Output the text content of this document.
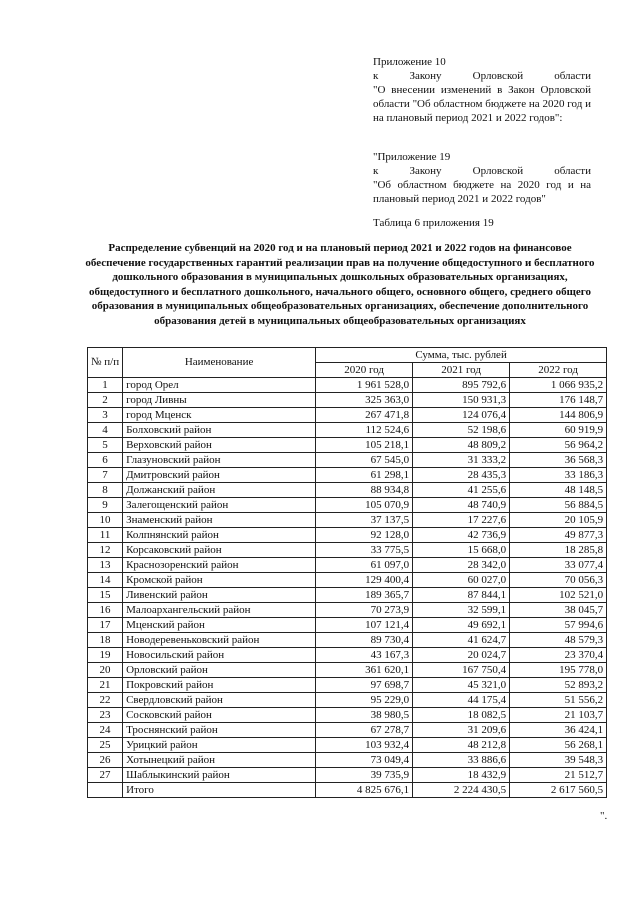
Приложение 10
к Закону Орловской области
"О внесении изменений в Закон Орловской области "Об областном бюджете на 2020 год и на плановый период 2021 и 2022 годов":
"Приложение 19
к Закону Орловской области
"Об областном бюджете на 2020 год и на плановый период 2021 и 2022 годов"
Таблица 6 приложения 19
Распределение субвенций на 2020 год и на плановый период 2021 и 2022 годов на финансовое обеспечение государственных гарантий реализации прав на получение общедоступного и бесплатного дошкольного образования в муниципальных дошкольных образовательных организациях, общедоступного и бесплатного дошкольного, начального общего, основного общего, среднего общего образования в муниципальных общеобразовательных организациях, обеспечение дополнительного образования детей в муниципальных общеобразовательных организациях
№ п/п	Наименование	Сумма, тыс. рублей		
		2020 год	2021 год	2022 год
1	город Орел	1 961 528,0	895 792,6	1 066 935,2
2	город Ливны	325 363,0	150 931,3	176 148,7
3	город Мценск	267 471,8	124 076,4	144 806,9
4	Болховский район	112 524,6	52 198,6	60 919,9
5	Верховский район	105 218,1	48 809,2	56 964,2
6	Глазуновский район	67 545,0	31 333,2	36 568,3
7	Дмитровский район	61 298,1	28 435,3	33 186,3
8	Должанский район	88 934,8	41 255,6	48 148,5
9	Залегощенский район	105 070,9	48 740,9	56 884,5
10	Знаменский район	37 137,5	17 227,6	20 105,9
11	Колпнянский район	92 128,0	42 736,9	49 877,3
12	Корсаковский район	33 775,5	15 668,0	18 285,8
13	Краснозоренский район	61 097,0	28 342,0	33 077,4
14	Кромской район	129 400,4	60 027,0	70 056,3
15	Ливенский район	189 365,7	87 844,1	102 521,0
16	Малоархангельский район	70 273,9	32 599,1	38 045,7
17	Мценский район	107 121,4	49 692,1	57 994,6
18	Новодеревеньковский район	89 730,4	41 624,7	48 579,3
19	Новосильский район	43 167,3	20 024,7	23 370,4
20	Орловский район	361 620,1	167 750,4	195 778,0
21	Покровский район	97 698,7	45 321,0	52 893,2
22	Свердловский район	95 229,0	44 175,4	51 556,2
23	Сосковский район	38 980,5	18 082,5	21 103,7
24	Троснянский район	67 278,7	31 209,6	36 424,1
25	Урицкий район	103 932,4	48 212,8	56 268,1
26	Хотынецкий район	73 049,4	33 886,6	39 548,3
27	Шаблыкинский район	39 735,9	18 432,9	21 512,7
	Итого	4 825 676,1	2 224 430,5	2 617 560,5
".
